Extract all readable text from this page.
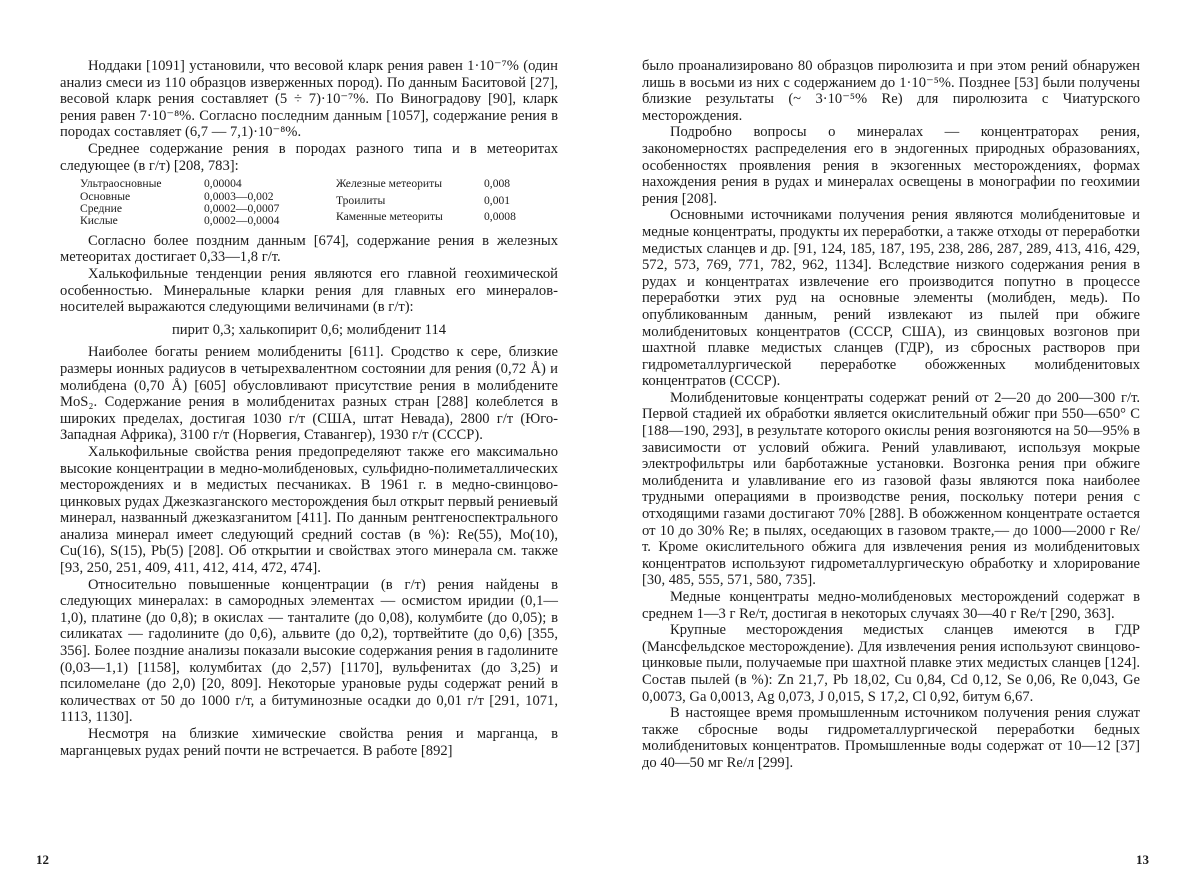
Ноддаки [1091] установили, что весовой кларк рения равен 1·10⁻⁷% (один анализ смеси из 110 образцов изверженных пород). По данным Баситовой [27], весовой кларк рения составляет (5 ÷ 7)·10⁻⁷%. По Виноградову [90], кларк рения равен 7·10⁻⁸%. Согласно последним данным [1057], содержание рения в породах составляет (6,7 — 7,1)·10⁻⁸%.

Среднее содержание рения в породах разного типа и в метеоритах следующее (в г/т) [208, 783]:

Ультраосновные	0,00004
Основные	0,0003—0,002
Средние	0,0002—0,0007
Кислые	0,0002—0,0004
Железные метеориты	0,008
Троилиты	0,001
Каменные метеориты	0,0008

Согласно более поздним данным [674], содержание рения в железных метеоритах достигает 0,33—1,8 г/т.

Халькофильные тенденции рения являются его главной геохимической особенностью. Минеральные кларки рения для главных его минералов-носителей выражаются следующими величинами (в г/т):

пирит 0,3; халькопирит 0,6; молибденит 114

Наиболее богаты рением молибдениты [611]. Сродство к сере, близкие размеры ионных радиусов в четырехвалентном состоянии для рения (0,72 Å) и молибдена (0,70 Å) [605] обусловливают присутствие рения в молибдените MoS₂. Содержание рения в молибденитах разных стран [288] колеблется в широких пределах, достигая 1030 г/т (США, штат Невада), 2800 г/т (Юго-Западная Африка), 3100 г/т (Норвегия, Ставангер), 1930 г/т (СССР).

Халькофильные свойства рения предопределяют также его максимально высокие концентрации в медно-молибденовых, сульфидно-полиметаллических месторождениях и в медистых песчаниках. В 1961 г. в медно-свинцово-цинковых рудах Джезказганского месторождения был открыт первый рениевый минерал, названный джезказганитом [411]. По данным рентгеноспектрального анализа минерал имеет следующий средний состав (в %): Re(55), Mo(10), Cu(16), S(15), Pb(5) [208]. Об открытии и свойствах этого минерала см. также [93, 250, 251, 409, 411, 412, 414, 472, 474].

Относительно повышенные концентрации (в г/т) рения найдены в следующих минералах: в самородных элементах — осмистом иридии (0,1—1,0), платине (до 0,8); в окислах — танталите (до 0,08), колумбите (до 0,05); в силикатах — гадолините (до 0,6), альвите (до 0,2), тортвейтите (до 0,6) [355, 356]. Более поздние анализы показали высокие содержания рения в гадолините (0,03—1,1) [1158], колумбитах (до 2,57) [1170], вульфенитах (до 3,25) и псиломелане (до 2,0) [20, 809]. Некоторые урановые руды содержат рений в количествах от 50 до 1000 г/т, а битуминозные осадки до 0,01 г/т [291, 1071, 1113, 1130].

Несмотря на близкие химические свойства рения и марганца, в марганцевых рудах рений почти не встречается. В работе [892]

было проанализировано 80 образцов пиролюзита и при этом рений обнаружен лишь в восьми из них с содержанием до 1·10⁻⁵%. Позднее [53] были получены близкие результаты (~ 3·10⁻⁵% Re) для пиролюзита с Чиатурского месторождения.

Подробно вопросы о минералах — концентраторах рения, закономерностях распределения его в эндогенных природных образованиях, особенностях проявления рения в экзогенных месторождениях, формах нахождения рения в рудах и минералах освещены в монографии по геохимии рения [208].

Основными источниками получения рения являются молибденитовые и медные концентраты, продукты их переработки, а также отходы от переработки медистых сланцев и др. [91, 124, 185, 187, 195, 238, 286, 287, 289, 413, 416, 429, 572, 573, 769, 771, 782, 962, 1134]. Вследствие низкого содержания рения в рудах и концентратах извлечение его производится попутно в процессе переработки этих руд на основные элементы (молибден, медь). По опубликованным данным, рений извлекают из пылей при обжиге молибденитовых концентратов (СССР, США), из свинцовых возгонов при шахтной плавке медистых сланцев (ГДР), из сбросных растворов при гидрометаллургической переработке обожженных молибденитовых концентратов (СССР).

Молибденитовые концентраты содержат рений от 2—20 до 200—300 г/т. Первой стадией их обработки является окислительный обжиг при 550—650° С [188—190, 293], в результате которого окислы рения возгоняются на 50—95% в зависимости от условий обжига. Рений улавливают, используя мокрые электрофильтры или барботажные установки. Возгонка рения при обжиге молибденита и улавливание его из газовой фазы являются пока наиболее трудными операциями в производстве рения, поскольку потери рения с отходящими газами достигают 70% [288]. В обожженном концентрате остается от 10 до 30% Re; в пылях, оседающих в газовом тракте,— до 1000—2000 г Re/т. Кроме окислительного обжига для извлечения рения из молибденитовых концентратов используют гидрометаллургическую обработку и хлорирование [30, 485, 555, 571, 580, 735].

Медные концентраты медно-молибденовых месторождений содержат в среднем 1—3 г Re/т, достигая в некоторых случаях 30—40 г Re/т [290, 363].

Крупные месторождения медистых сланцев имеются в ГДР (Мансфельдское месторождение). Для извлечения рения используют свинцово-цинковые пыли, получаемые при шахтной плавке этих медистых сланцев [124]. Состав пылей (в %): Zn 21,7, Pb 18,02, Cu 0,84, Cd 0,12, Se 0,06, Re 0,043, Ge 0,0073, Ga 0,0013, Ag 0,073, J 0,015, S 17,2, Cl 0,92, битум 6,67.

В настоящее время промышленным источником получения рения служат также сбросные воды гидрометаллургической переработки бедных молибденитовых концентратов. Промышленные воды содержат от 10—12 [37] до 40—50 мг Re/л [299].

12	13
